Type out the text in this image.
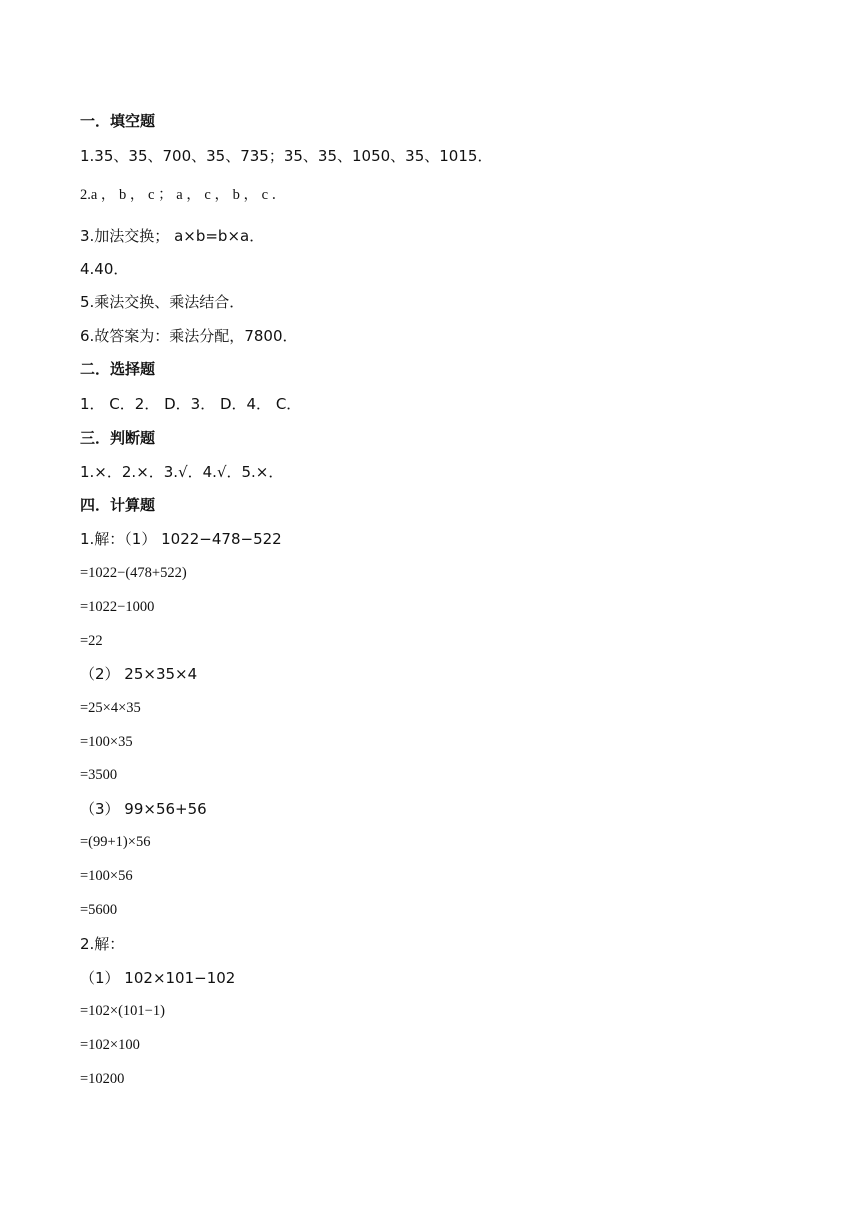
一．填空题
1.35、35、700、35、735；35、35、1050、35、1015．
2.a ， b ， c ； a ， c ， b ， c ．
3.加法交换； a×b=b×a．
4.40．
5.乘法交换、乘法结合．
6.故答案为：乘法分配，7800．
二．选择题
1． C．2． D．3． D．4． C．
三．判断题
1.×．2.×．3.√．4.√．5.×．
四．计算题
1.解：（1） 1022−478−522
=1022−(478+522)
=1022−1000
=22
（2） 25×35×4
=25×4×35
=100×35
=3500
（3） 99×56+56
=(99+1)×56
=100×56
=5600
2.解：
（1） 102×101−102
=102×(101−1)
=102×100
=10200
